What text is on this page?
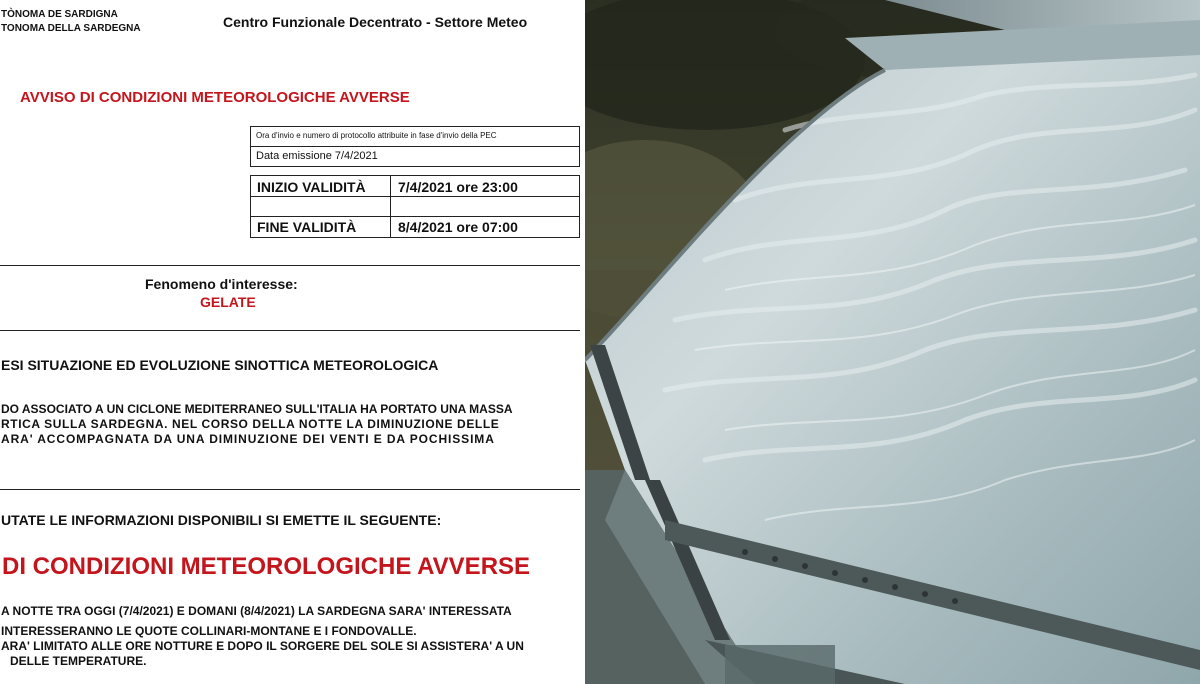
TÒNOMA DE SARDIGNA
TONOMA DELLA SARDEGNA	Centro Funzionale Decentrato - Settore Meteo
AVVISO DI CONDIZIONI METEOROLOGICHE AVVERSE
Ora d'invio e numero di protocollo attribuite in fase d'invio della PEC
Data emissione 7/4/2021
INIZIO VALIDITÀ 7/4/2021 ore 23:00
FINE VALIDITÀ	8/4/2021 ore 07:00
Fenomeno d'interesse:
GELATE
ESI SITUAZIONE ED EVOLUZIONE SINOTTICA METEOROLOGICA
DO ASSOCIATO A UN CICLONE MEDITERRANEO SULL'ITALIA HA PORTATO UNA MASSA
RTICA SULLA SARDEGNA. NEL CORSO DELLA NOTTE LA DIMINUZIONE DELLE
ARA' ACCOMPAGNATA DA UNA DIMINUZIONE DEI VENTI E DA POCHISSIMA
UTATE LE INFORMAZIONI DISPONIBILI SI EMETTE IL SEGUENTE:
DI CONDIZIONI METEOROLOGICHE AVVERSE
A NOTTE TRA OGGI (7/4/2021) E DOMANI (8/4/2021) LA SARDEGNA SARA' INTERESSATA
INTERESSERANNO LE QUOTE COLLINARI-MONTANE E I FONDOVALLE.
ARA' LIMITATO ALLE ORE NOTTURE E DOPO IL SORGERE DEL SOLE SI ASSISTERA' A UN
DELLE TEMPERATURE.
